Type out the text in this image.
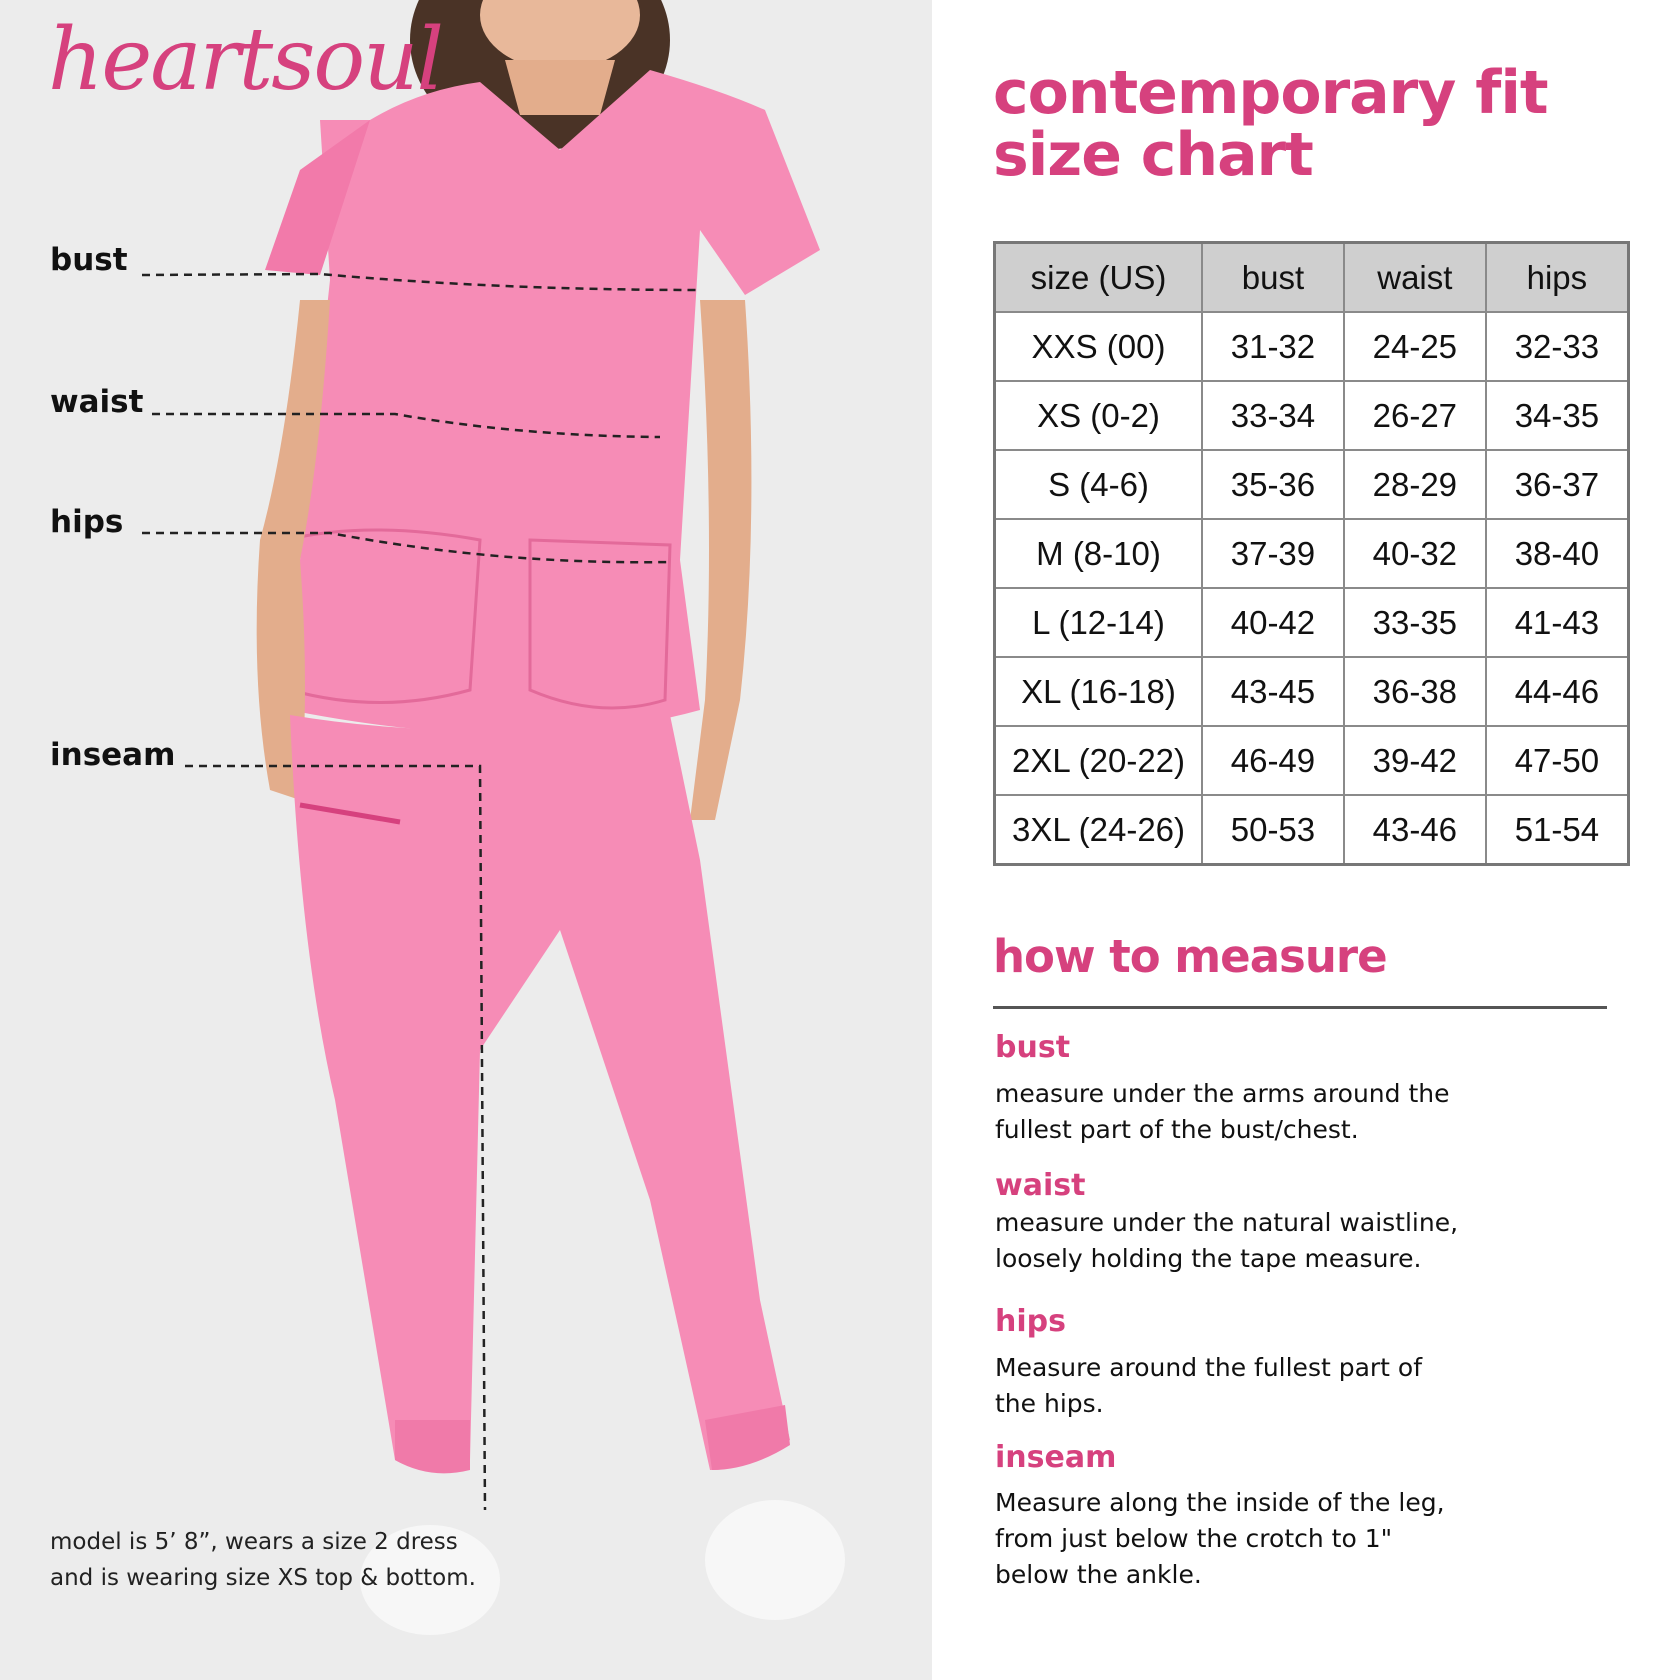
heartsoul
bust
waist
hips
inseam
model is 5’ 8”, wears a size 2 dress
and is wearing size XS top & bottom.
contemporary fit
size chart
size (US)	bust	waist	hips
XXS (00)	31-32	24-25	32-33
XS (0-2)	33-34	26-27	34-35
S (4-6)	35-36	28-29	36-37
M (8-10)	37-39	40-32	38-40
L (12-14)	40-42	33-35	41-43
XL (16-18)	43-45	36-38	44-46
2XL (20-22)	46-49	39-42	47-50
3XL (24-26)	50-53	43-46	51-54
how to measure
bust
measure under the arms around the
fullest part of the bust/chest.
waist
measure under the natural waistline,
loosely holding the tape measure.
hips
Measure around the fullest part of
the hips.
inseam
Measure along the inside of the leg,
from just below the crotch to 1"
below the ankle.
